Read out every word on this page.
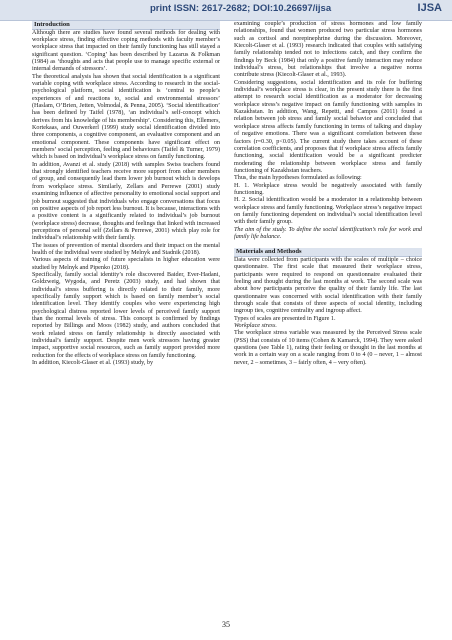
print ISSN: 2617-2682; DOI:10.26697/ijsa	IJSA

Introduction

Although there are studies have found several methods for dealing with workplace stress, finding effective coping methods with faculty member’s workplace stress that impacted on their family functioning has still stayed a significant question. ‘Coping’ has been described by Lazarus & Folkman (1984) as ‘thoughts and acts that people use to manage specific external or internal demands of stressors’.

The theoretical analysis has shown that social identification is a significant variable coping with workplace stress. According to research in the social-psychological platform, social identification is ‘central to people’s experiences of and reactions to, social and environmental stressors’ (Haslam, O’Brien, Jetten, Volmodal, & Penna, 2005). ‘Social identification’ has been defined by Taifel (1978), ‘an individual’s self-concept which derives from his knowledge of his membership’. Considering this, Ellemers, Kortekaas, and Ouwerkerl (1999) study social identification divided into three components, a cognitive component, an evaluative component and an emotional component. These components have significant effect on members’ social perception, feeling and behaviours (Taifel & Turner, 1979) which is based on individual’s workplace stress on family functioning.

In addition, Avanzi et al. study (2018) with samples Swiss teachers found that strongly identified teachers receive more support from other members of group, and consequently lead them lower job burnout which is develops from workplace stress. Similarly, Zellars and Perrewe (2001) study examining influence of affective personality to emotional social support and job burnout suggested that individuals who engage conversations that focus on positive aspects of job report less burnout. It is because, interactions with a positive content is a significantly related to individual’s job burnout (workplace stress) decrease, thoughts and feelings that linked with increased perceptions of personal self (Zellars & Perrewe, 2001) which play role for individual’s relationship with their family.

The issues of prevention of mental disorders and their impact on the mental health of the individual were studied by Melnyk and Stadnik (2018).

Various aspects of training of future specialists in higher education were studied by Melnyk and Pipenko (2018).

Specifically, family social identity’s role discovered Baider, Ever-Hadani, Goldzweig, Wygoda, and Peretz (2003) study, and had shown that individual’s stress buffering is directly related to their family, more specifically family support which is based on family member’s social identification level. They identify couples who were experiencing high psychological distress reported lower levels of perceived family support than the normal levels of stress. This concept is confirmed by findings reported by Billings and Moos (1982) study, and authors concluded that work related stress on family relationship is directly associated with individual’s family support. Despite men work stressors having greater impact, supportive social resources, such as family support provided more reduction for the effects of workplace stress on family functioning.

In addition, Kiecolt-Glaser et al. (1993) study, by

examining couple’s production of stress hormones and low family relationships, found that women produced two particular stress hormones such as cortisol and norepinephrine during the discussion. Moreover, Kiecolt-Glaser et al. (1993) research indicated that couples with satisfying family relationship tended not to infections catch, and they confirm the findings by Beck (1984) that only a positive family interaction may reduce individual’s stress, but relationships that involve a negative norms contribute stress (Kiecolt-Glaser et al., 1993).

Considering suggestions, social identification and its role for buffering individual’s workplace stress is clear, in the present study there is the first attempt to research social identification as a moderator for decreasing workplace stress’s negative impact on family functioning with samples in Kazakhstan. In addition, Wang, Repetti, and Campos (2011) found a relation between job stress and family social behavior and concluded that workplace stress affects family functioning in terms of talking and display of negative emotions. There was a significant correlation between these factors (r=0.30, p<0.05). The current study there takes account of these correlation coefficients, and proposes that if workplace stress affects family functioning, social identification would be a significant predicter moderating the relationship between workplace stress and family functioning of Kazakhstan teachers.

Thus, the main hypotheses formulated as following:

H. 1. Workplace stress would be negatively associated with family functioning.

H. 2. Social identification would be a moderator in a relationship between workplace stress and family functioning. Workplace stress’s negative impact on family functioning dependent on individual’s social identification level with their family group.

The aim of the study. To define the social identification’s role for work and family life balance.

Materials and Methods

Data were collected from participants with the scales of multiple – choice questionnaire. The first scale that measured their workplace stress, participants were required to respond on questionnaire evaluated their feeling and thought during the last months at work. The second scale was about how participants perceive the quality of their family life. The last questionnaire was concerned with social identification with their family through scale that consists of three aspects of social identity, including ingroup ties, cognitive centrality and ingroup affect.

Types of scales are presented in Figure 1.

Workplace stress.

The workplace stress variable was measured by the Perceived Stress scale (PSS) that consists of 10 items (Cohen & Kamarck, 1994). They were asked questions (see Table 1), rating their feeling or thought in the last months at work in a certain way on a scale ranging from 0 to 4 (0 – never, 1 – almost never, 2 – sometimes, 3 – fairly often, 4 – very often).

35
